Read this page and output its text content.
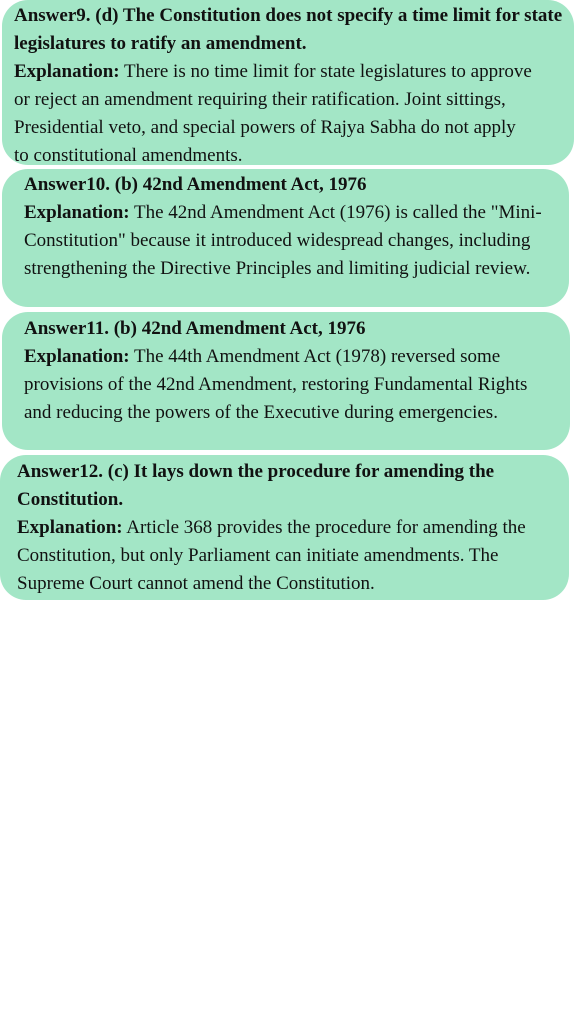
Answer9. (d) The Constitution does not specify a time limit for state legislatures to ratify an amendment.

Explanation: There is no time limit for state legislatures to approve
or reject an amendment requiring their ratification. Joint sittings,
Presidential veto, and special powers of Rajya Sabha do not apply
to constitutional amendments.

Answer10. (b) 42nd Amendment Act, 1976

Explanation: The 42nd Amendment Act (1976) is called the "Mini-Constitution" because it introduced widespread changes, including strengthening the Directive Principles and limiting judicial review.

Answer11. (b) 42nd Amendment Act, 1976

Explanation: The 44th Amendment Act (1978) reversed some provisions of the 42nd Amendment, restoring Fundamental Rights and reducing the powers of the Executive during emergencies.

Answer12. (c) It lays down the procedure for amending the Constitution.

Explanation: Article 368 provides the procedure for amending the Constitution, but only Parliament can initiate amendments. The Supreme Court cannot amend the Constitution.
